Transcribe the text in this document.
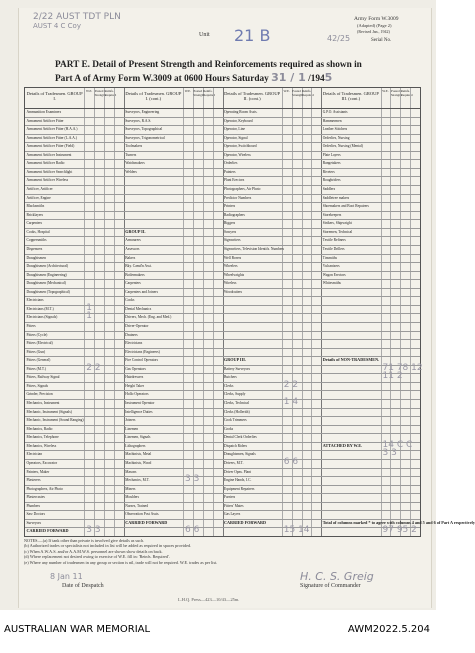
2/22 AUST TDT PLN
AUST 4 C Coy
Unit 21 B
Army Form W.3009
(Adapted) (Page 2)
(Revised Jan., 1942)
42/25	Serial No.
PART E. Detail of Present Strength and Reinforcements required as shown in
Part A of Army Form W.3009 at 0600 Hours Saturday 31 / 1 /1945
Details of Tradesmen. GROUP I.
W.E. Posted Strength
Reinfs. Required Details of Tradesmen. GROUP I. (cont.)
W.E. Posted Strength
Reinfs. Required Details of Tradesmen. GROUP II. (cont.)
W.E. Posted Strength
Reinfs. Required Details of Tradesmen. GROUP III. (cont.)
W.E. Posted Strength
Reinfs. Required
Ammunition Examiners
Armament Artificer Fitter
Armament Artificer Fitter (H.A.A.)
Armament Artificer Fitter (L.A.A.)
Armament Artificer Fitter (Field)
Armament Artificer Instrument
Armament Artificer Radio
Armament Artificer Searchlight
Armament Artificer Wireless
Artificer, Artificer
Artificer, Engine
Blacksmiths
Bricklayers
Carpenters
Cooks, Hospital
Coppersmiths
Dispensers
Draughtsmen
Draughtsmen (Architectural)
Draughtsmen (Engineering)
Draughtsmen (Mechanical)
Draughtsmen (Topographical)
Electricians
Electricians (M.T.)
Electricians (Signals)
Fitters
Fitters (Cycle)
Fitters (Electrical)
Fitters (Gun)
Fitters (General)
Fitters (M.T.)
Fitters, Railway Signal
Fitters, Signals
Grinder, Precision
Mechanics, Instrument
Mechanic, Instrument (Signals)
Mechanic, Instrument (Sound Ranging)
Mechanics, Radio
Mechanics, Telephone
Mechanics, Wireless
Electrician
Operators, Excavator
Painters, Maker
Plasterers
Photographers, Air Photo
Plastercastes
Plumbers
Saw Doctors
Surveyors
CARRIED FORWARD
Surveyors, Engineering
Surveyors, R.A.S.
Surveyors, Topographical
Surveyors, Trigonometrical
Toolmakers
Turners
Watchmakers
Welders
GROUP II.
Armourers
Assessors
Bakers
Bky. Camd'n Asst.
Boilermakers
Carpenters
Carpenters and Joiners
Cooks
Dental Mechanics
Drivers, Mech. (Eng. and Med.)
Driver-Operator
Drainers
Electricians
Electricians (Engineers)
Fire Control Operators
Gas Operators
Hairdressers
Height Taker
Hollo Operators
Instrument Operator
Intelligence Duties
Joiners
Linemen
Linemen, Signals
Lithographers
Machinists, Metal
Machinists, Wood
Masons
Mechanics, M.T.
Miners
Moulders
Nurses, Trained
Observation Post Assts.
CARRIED FORWARD
Operating Room Assts.
Operator, Keyboard
Operator, Line
Operator, Signal
Operator, Switchboard
Operator, Wireless
Orderlies
Painters
Plant Erectors
Photographers, Air Photo
Predictor Numbers
Printers
Radiographers
Riggers
Sawyers
Signwriters
Signwriters, Television Identifs. Numbers
Well Borers
Wheelers
Wheelwrights
Wireless
Woodcutters
GROUP III.
Battery Surveyors
Butchers
Clerks
Clerks, Supply
Clerks, Technical
Clerks (Hollerith)
Cook Trimmers
Cooks
Dental Clerk Orderlies
Dispatch Riders
Draughtsmen, Signals
Drivers, M.T.
Driver Opns. Plant
Engine Hands, I.C.
Equipment Repairers
Farriers
Fitters' Mates
Gas Layers
CARRIED FORWARD
G.P.O. Assistants
Hammermen
Leather Stitchers
Orderlies, Nursing
Orderlies, Nursing (Mental)
Plate Layers
Rangetakers
Riveters
Roughriders
Saddlers
Saddletree makers
Shoemakers and Boot Repairers
Storekeepers
Strikers, Shipwright
Storemen, Technical
Textile Refiners
Textile Drillers
Tinsmiths
Vulcanizers
Wagon Erectors
Whitesmiths
Details of NON-TRADESMEN.
ATTACHED BY W.E.
Total of columns marked * to agree with columns 4 and 5 and 6 of Part A respectively
1
1
2 2
3 3
3 3
6 6
2 2
1 4
6 6
15 14
71 78 12
11 2
14 C C
3 3
97 95 2
NOTES.—(a) If tank other than private is involved give details as such.
(b) Authorized trades or specialists not included in list will be added as required in spaces provided.
(c) When A.W.A.S. and/or A.A.M.W.S. personnel are shown show details on back.
(d) Where replacement not desired owing to exercise of W.E. fill in: 'Reinfs. Required'.
(e) Where any number of tradesmen in any group or section is nil, trade will not be required. W.E. trades as per list.
8 Jan 11
Date of Despatch
H. C. S. Greig
Signature of Commander
L.H.Q. Press—423—10/43—25m.
AUSTRALIAN WAR MEMORIAL	AWM2022.5.204
